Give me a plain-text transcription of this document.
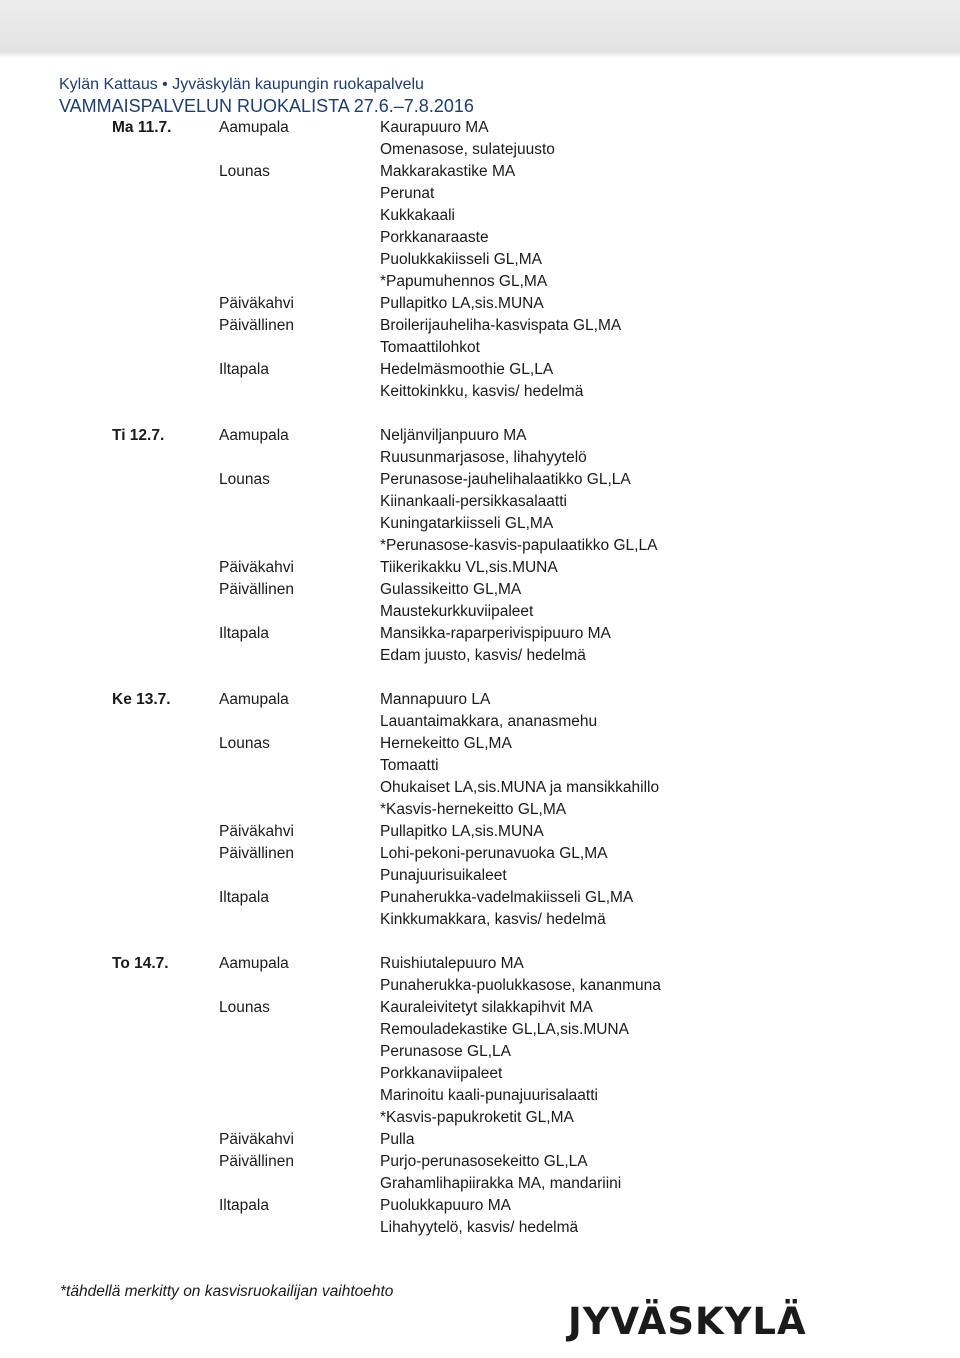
Kylän Kattaus • Jyväskylän kaupungin ruokapalvelu
VAMMAISPALVELUN RUOKALISTA 27.6.–7.8.2016
Ma 11.7.	Aamupala	Kaurapuuro MA
Omenasose, sulatejuusto
Lounas	Makkarakastike MA
Perunat
Kukkakaali
Porkkanaraaste
Puolukkakiisseli GL,MA
*Papumuhennos GL,MA
Päiväkahvi	Pullapitko LA,sis.MUNA
Päivällinen	Broilerijauheliha-kasvispata GL,MA
Tomaattilohkot
Iltapala	Hedelmäsmoothie GL,LA
Keittokinkku, kasvis/ hedelmä
Ti 12.7.	Aamupala	Neljänviljanpuuro MA
Ruusunmarjasose, lihahyytelö
Lounas	Perunasose-jauhelihalaatikko GL,LA
Kiinankaali-persikkasalaatti
Kuningatarkiisseli GL,MA
*Perunasose-kasvis-papulaatikko GL,LA
Päiväkahvi	Tiikerikakku VL,sis.MUNA
Päivällinen	Gulassikeitto GL,MA
Maustekurkkuviipaleet
Iltapala	Mansikka-raparperivispipuuro MA
Edam juusto, kasvis/ hedelmä
Ke 13.7.	Aamupala	Mannapuuro LA
Lauantaimakkara, ananasmehu
Lounas	Hernekeitto GL,MA
Tomaatti
Ohukaiset LA,sis.MUNA ja mansikkahillo
*Kasvis-hernekeitto GL,MA
Päiväkahvi	Pullapitko LA,sis.MUNA
Päivällinen	Lohi-pekoni-perunavuoka GL,MA
Punajuurisuikaleet
Iltapala	Punaherukka-vadelmakiisseli GL,MA
Kinkkumakkara, kasvis/ hedelmä
To 14.7.	Aamupala	Ruishiutalepuuro MA
Punaherukka-puolukkasose, kananmuna
Lounas	Kauraleivitetyt silakkapihvit MA
Remouladekastike GL,LA,sis.MUNA
Perunasose GL,LA
Porkkanaviipaleet
Marinoitu kaali-punajuurisalaatti
*Kasvis-papukroketit GL,MA
Päiväkahvi	Pulla
Päivällinen	Purjo-perunasosekeitto GL,LA
Grahamlihapiirakka MA, mandariini
Iltapala	Puolukkapuuro MA
Lihahyytelö, kasvis/ hedelmä
*tähdellä merkitty on kasvisruokailijan vaihtoehto
JYVÄSKYLÄ
